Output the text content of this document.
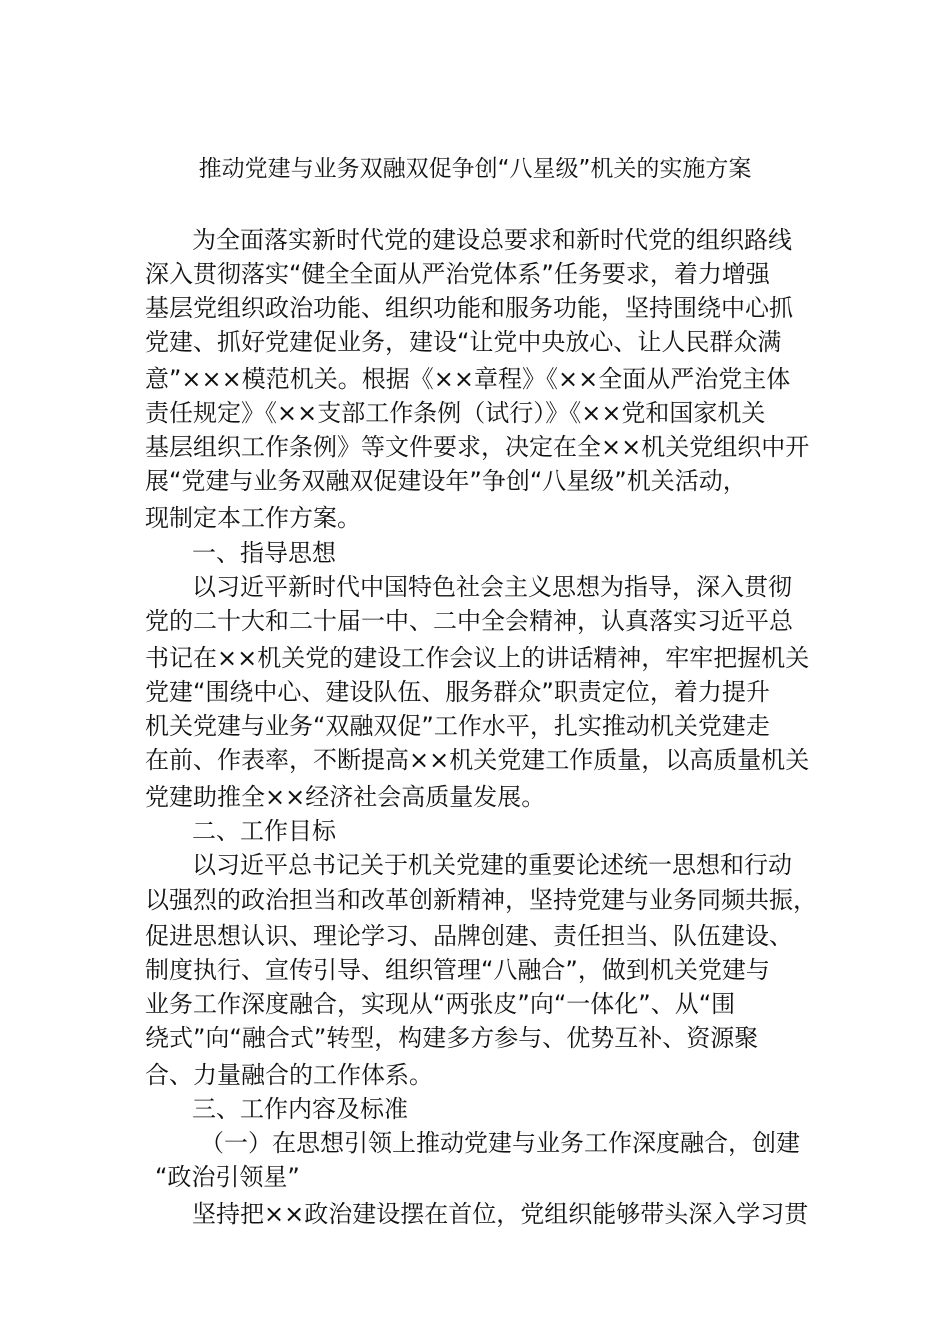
推动党建与业务双融双促争创“八星级”机关的实施方案
为全面落实新时代党的建设总要求和新时代党的组织路线
深入贯彻落实“健全全面从严治党体系”任务要求，着力增强
基层党组织政治功能、组织功能和服务功能，坚持围绕中心抓
党建、抓好党建促业务，建设“让党中央放心、让人民群众满
意”×××模范机关。根据《××章程》《××全面从严治党主体
责任规定》《××支部工作条例（试行）》《××党和国家机关
基层组织工作条例》等文件要求，决定在全××机关党组织中开
展“党建与业务双融双促建设年”争创“八星级”机关活动，
现制定本工作方案。
一、指导思想
以习近平新时代中国特色社会主义思想为指导，深入贯彻
党的二十大和二十届一中、二中全会精神，认真落实习近平总
书记在××机关党的建设工作会议上的讲话精神，牢牢把握机关
党建“围绕中心、建设队伍、服务群众”职责定位，着力提升
机关党建与业务“双融双促”工作水平，扎实推动机关党建走
在前、作表率，不断提高××机关党建工作质量，以高质量机关
党建助推全××经济社会高质量发展。
二、工作目标
以习近平总书记关于机关党建的重要论述统一思想和行动
以强烈的政治担当和改革创新精神，坚持党建与业务同频共振，
促进思想认识、理论学习、品牌创建、责任担当、队伍建设、
制度执行、宣传引导、组织管理“八融合”，做到机关党建与
业务工作深度融合，实现从“两张皮”向“一体化”、从“围
绕式”向“融合式”转型，构建多方参与、优势互补、资源聚
合、力量融合的工作体系。
三、工作内容及标准
（一）在思想引领上推动党建与业务工作深度融合，创建
“政治引领星”
坚持把××政治建设摆在首位，党组织能够带头深入学习贯
